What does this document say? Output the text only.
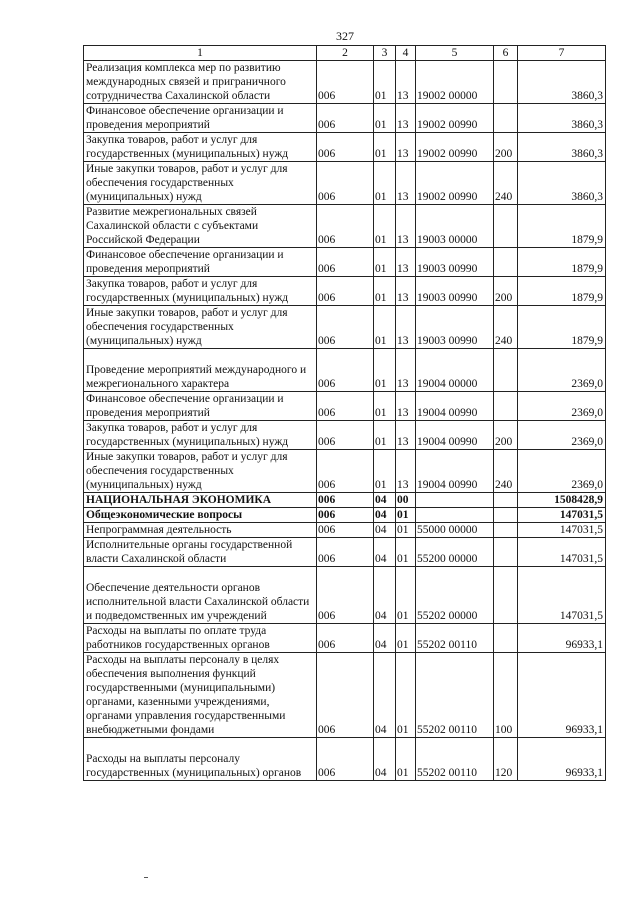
327
1	2	3	4	5	6	7
Реализация комплекса мер по развитию международных связей и приграничного сотрудничества Сахалинской области	006	01	13	19002 00000		3860,3
Финансовое обеспечение организации и проведения мероприятий	006	01	13	19002 00990		3860,3
Закупка товаров, работ и услуг для государственных (муниципальных) нужд	006	01	13	19002 00990	200	3860,3
Иные закупки товаров, работ и услуг для обеспечения государственных (муниципальных) нужд	006	01	13	19002 00990	240	3860,3
Развитие межрегиональных связей Сахалинской области с субъектами Российской Федерации	006	01	13	19003 00000		1879,9
Финансовое обеспечение организации и проведения мероприятий	006	01	13	19003 00990		1879,9
Закупка товаров, работ и услуг для государственных (муниципальных) нужд	006	01	13	19003 00990	200	1879,9
Иные закупки товаров, работ и услуг для обеспечения государственных (муниципальных) нужд	006	01	13	19003 00990	240	1879,9
Проведение мероприятий международного и межрегионального характера	006	01	13	19004 00000		2369,0
Финансовое обеспечение организации и проведения мероприятий	006	01	13	19004 00990		2369,0
Закупка товаров, работ и услуг для государственных (муниципальных) нужд	006	01	13	19004 00990	200	2369,0
Иные закупки товаров, работ и услуг для обеспечения государственных (муниципальных) нужд	006	01	13	19004 00990	240	2369,0
НАЦИОНАЛЬНАЯ ЭКОНОМИКА	006	04	00			1508428,9
Общеэкономические вопросы	006	04	01			147031,5
Непрограммная деятельность	006	04	01	55000 00000		147031,5
Исполнительные органы государственной власти Сахалинской области	006	04	01	55200 00000		147031,5
Обеспечение деятельности органов исполнительной власти Сахалинской области и подведомственных им учреждений	006	04	01	55202 00000		147031,5
Расходы на выплаты по оплате труда работников государственных органов	006	04	01	55202 00110		96933,1
Расходы на выплаты персоналу в целях обеспечения выполнения функций государственными (муниципальными) органами, казенными учреждениями, органами управления государственными внебюджетными фондами	006	04	01	55202 00110	100	96933,1
Расходы на выплаты персоналу государственных (муниципальных) органов	006	04	01	55202 00110	120	96933,1
